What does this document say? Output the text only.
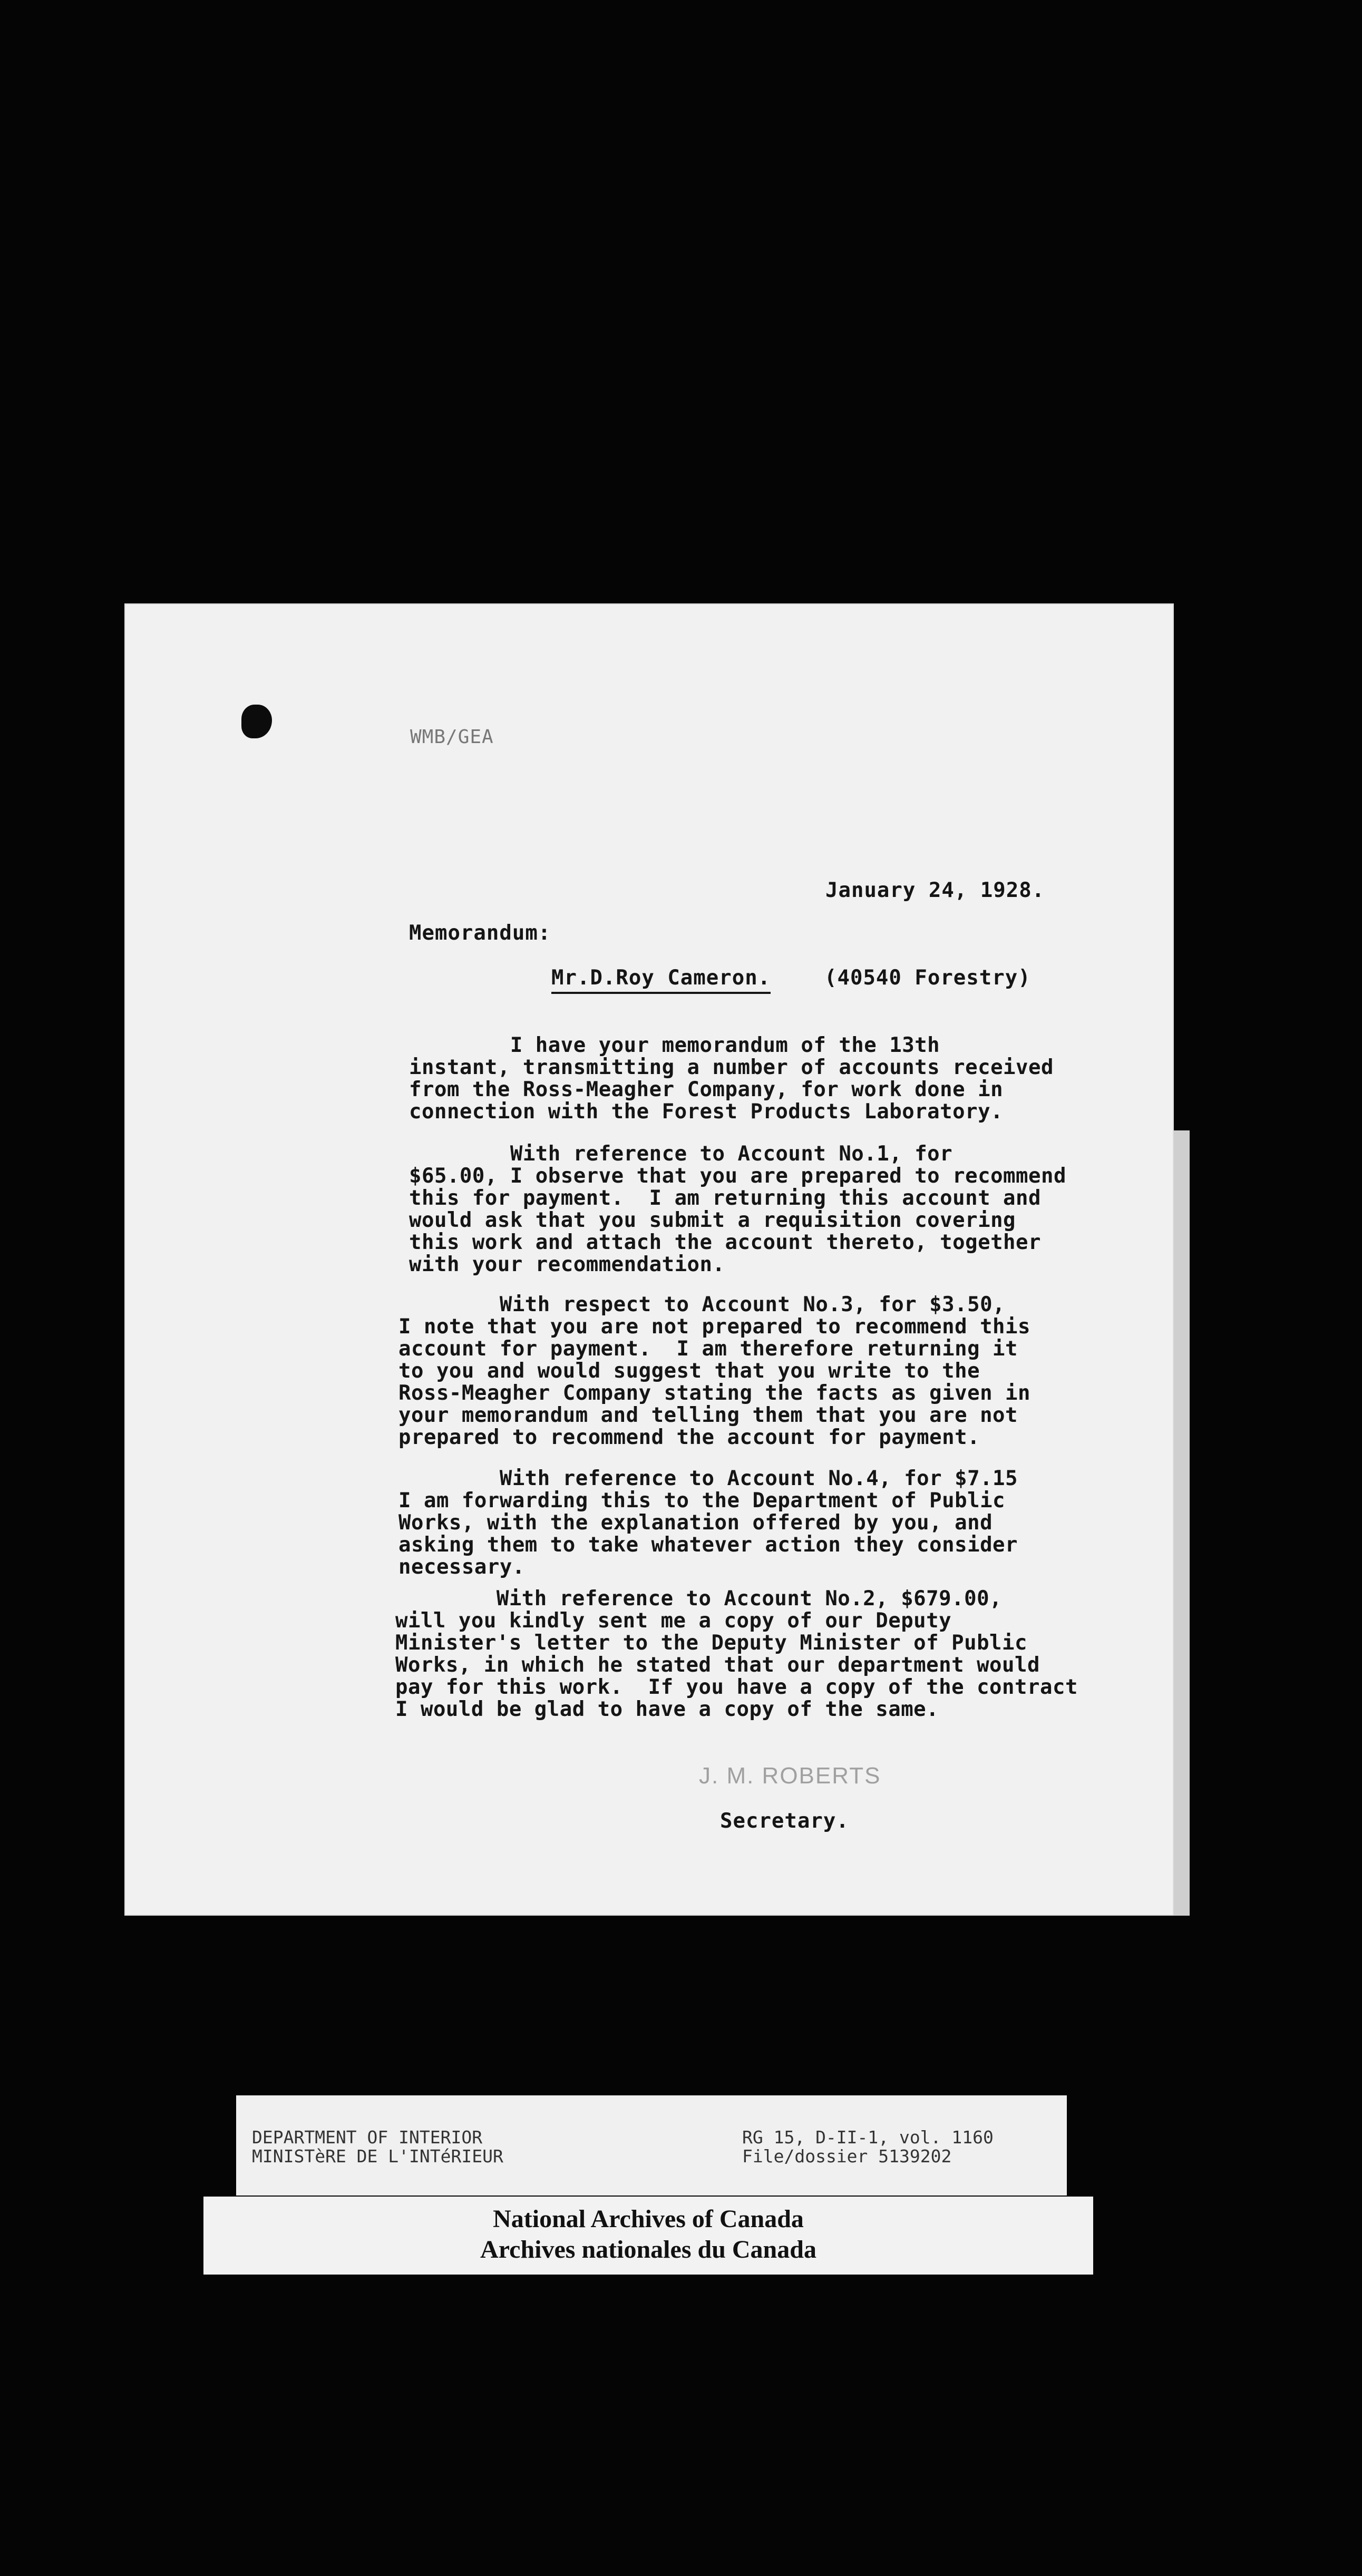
WMB/GEA
January 24, 1928.
Memorandum:
Mr.D.Roy Cameron.	(40540 Forestry)
I have your memorandum of the 13th
instant, transmitting a number of accounts received
from the Ross-Meagher Company, for work done in
connection with the Forest Products Laboratory.
With reference to Account No.1, for
$65.00, I observe that you are prepared to recommend
this for payment.  I am returning this account and
would ask that you submit a requisition covering
this work and attach the account thereto, together
with your recommendation.
With respect to Account No.3, for $3.50,
I note that you are not prepared to recommend this
account for payment.  I am therefore returning it
to you and would suggest that you write to the
Ross-Meagher Company stating the facts as given in
your memorandum and telling them that you are not
prepared to recommend the account for payment.
With reference to Account No.4, for $7.15
I am forwarding this to the Department of Public
Works, with the explanation offered by you, and
asking them to take whatever action they consider
necessary.
With reference to Account No.2, $679.00,
will you kindly sent me a copy of our Deputy
Minister's letter to the Deputy Minister of Public
Works, in which he stated that our department would
pay for this work.  If you have a copy of the contract
I would be glad to have a copy of the same.
J. M. ROBERTS
Secretary.
DEPARTMENT OF INTERIOR
MINISTèRE DE L'INTéRIEUR
RG 15, D-II-1, vol. 1160
File/dossier 5139202
National Archives of Canada
Archives nationales du Canada
